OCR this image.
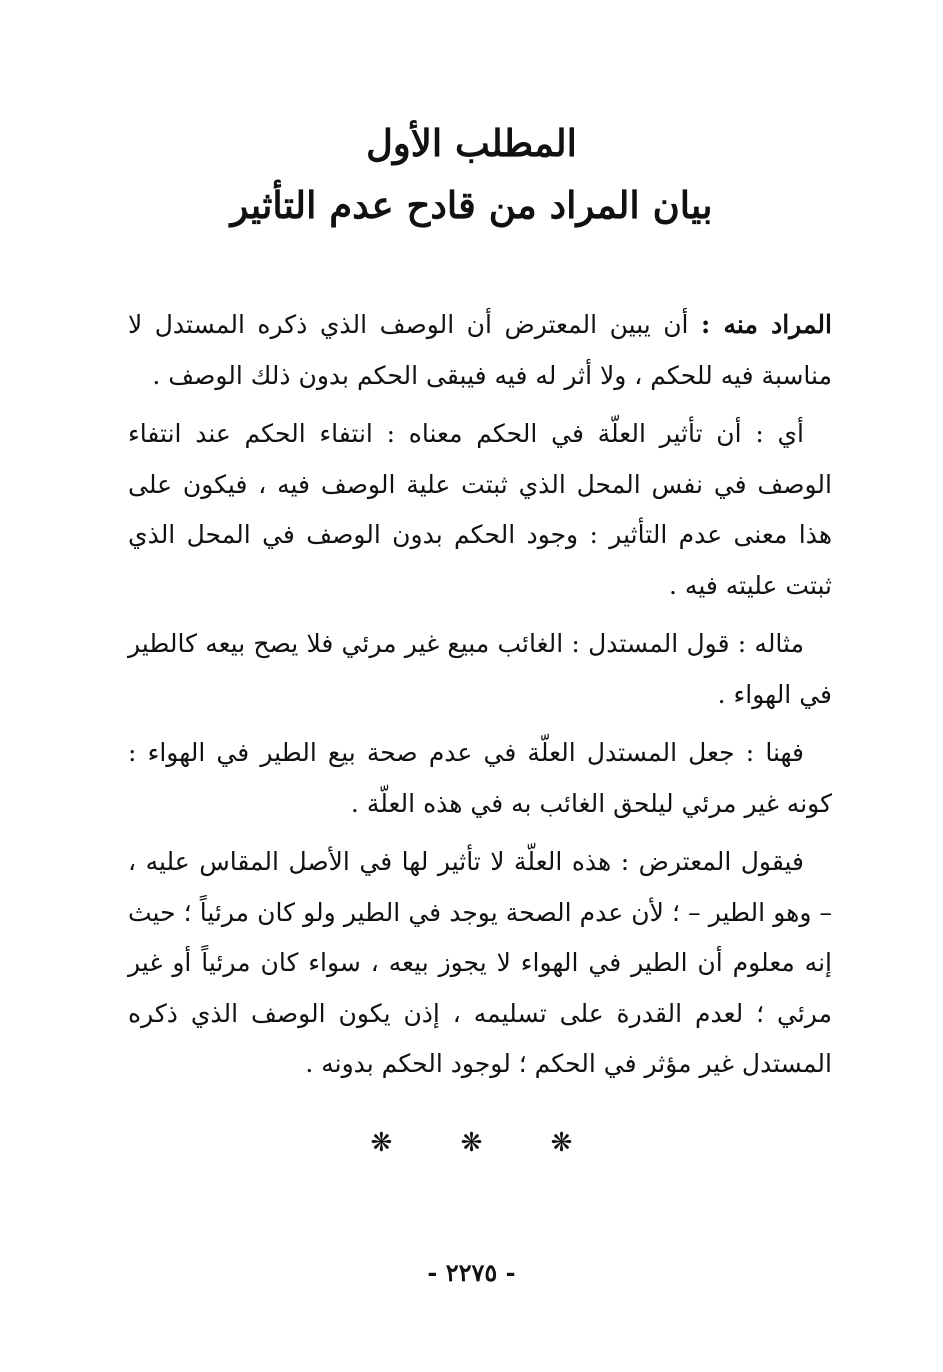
المطلب الأول

بيان المراد من قادح عدم التأثير

المراد منه : أن يبين المعترض أن الوصف الذي ذكره المستدل لا مناسبة فيه للحكم ، ولا أثر له فيه فيبقى الحكم بدون ذلك الوصف .

أي : أن تأثير العلّة في الحكم معناه : انتفاء الحكم عند انتفاء الوصف في نفس المحل الذي ثبتت علية الوصف فيه ، فيكون على هذا معنى عدم التأثير : وجود الحكم بدون الوصف في المحل الذي ثبتت عليته فيه .

مثاله : قول المستدل : الغائب مبيع غير مرئي فلا يصح بيعه كالطير في الهواء .

فهنا : جعل المستدل العلّة في عدم صحة بيع الطير في الهواء : كونه غير مرئي ليلحق الغائب به في هذه العلّة .

فيقول المعترض : هذه العلّة لا تأثير لها في الأصل المقاس عليه ، – وهو الطير – ؛ لأن عدم الصحة يوجد في الطير ولو كان مرئياً ؛ حيث إنه معلوم أن الطير في الهواء لا يجوز بيعه ، سواء كان مرئياً أو غير مرئي ؛ لعدم القدرة على تسليمه ، إذن يكون الوصف الذي ذكره المستدل غير مؤثر في الحكم ؛ لوجود الحكم بدونه .

❋ ❋ ❋
- ٢٢٧٥ -
